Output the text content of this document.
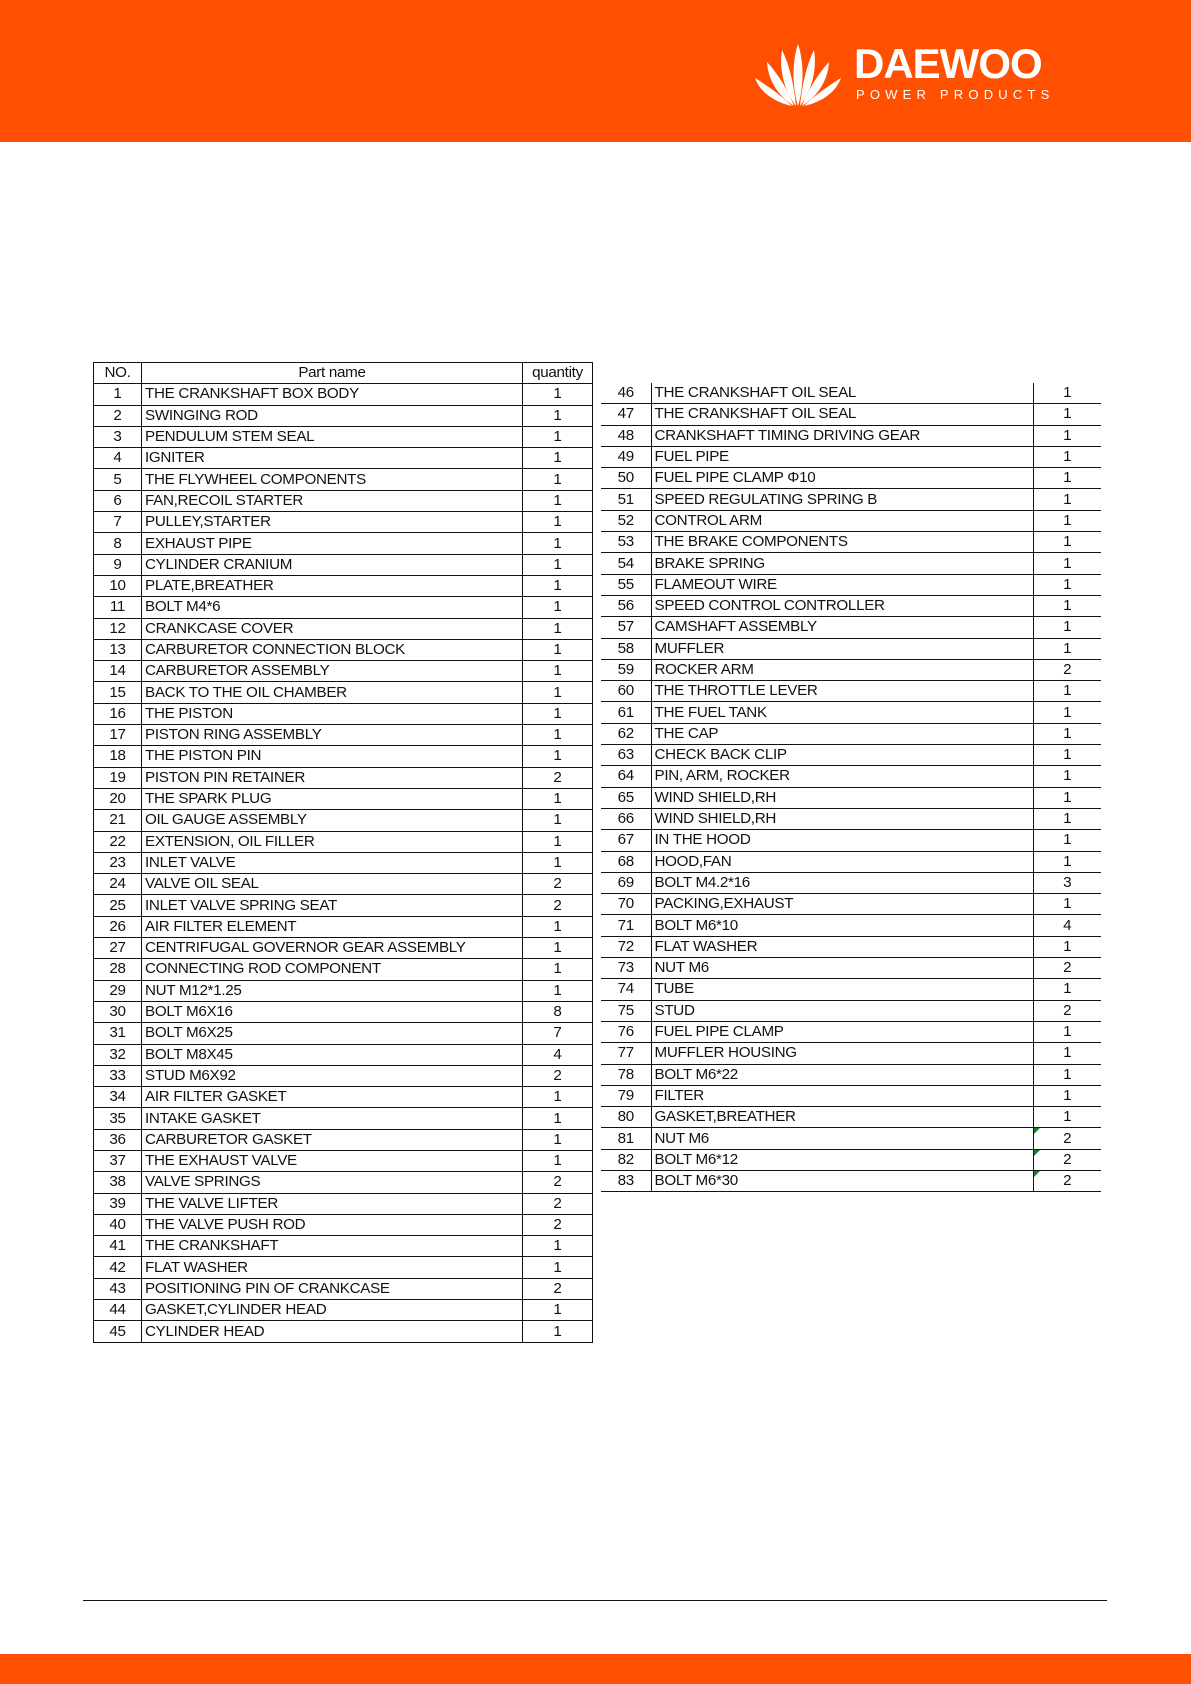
DAEWOO
POWER PRODUCTS
NO.	Part name	quantity
1	THE CRANKSHAFT BOX BODY	1
2	SWINGING ROD	1
3	PENDULUM STEM SEAL	1
4	IGNITER	1
5	THE FLYWHEEL COMPONENTS	1
6	FAN,RECOIL STARTER	1
7	PULLEY,STARTER	1
8	EXHAUST PIPE	1
9	CYLINDER CRANIUM	1
10	PLATE,BREATHER	1
11	BOLT M4*6	1
12	CRANKCASE COVER	1
13	CARBURETOR CONNECTION BLOCK	1
14	CARBURETOR ASSEMBLY	1
15	BACK TO THE OIL CHAMBER	1
16	THE PISTON	1
17	PISTON RING ASSEMBLY	1
18	THE PISTON PIN	1
19	PISTON PIN RETAINER	2
20	THE SPARK PLUG	1
21	OIL GAUGE ASSEMBLY	1
22	EXTENSION, OIL FILLER	1
23	INLET VALVE	1
24	VALVE OIL SEAL	2
25	INLET VALVE SPRING SEAT	2
26	AIR FILTER ELEMENT	1
27	CENTRIFUGAL GOVERNOR GEAR ASSEMBLY	1
28	CONNECTING ROD COMPONENT	1
29	NUT M12*1.25	1
30	BOLT M6X16	8
31	BOLT M6X25	7
32	BOLT M8X45	4
33	STUD M6X92	2
34	AIR FILTER GASKET	1
35	INTAKE GASKET	1
36	CARBURETOR GASKET	1
37	THE EXHAUST VALVE	1
38	VALVE SPRINGS	2
39	THE VALVE LIFTER	2
40	THE VALVE PUSH ROD	2
41	THE CRANKSHAFT	1
42	FLAT WASHER	1
43	POSITIONING PIN OF CRANKCASE	2
44	GASKET,CYLINDER HEAD	1
45	CYLINDER HEAD	1
46	THE CRANKSHAFT OIL SEAL	1
47	THE CRANKSHAFT OIL SEAL	1
48	CRANKSHAFT TIMING DRIVING GEAR	1
49	FUEL PIPE	1
50	FUEL PIPE CLAMP Φ10	1
51	SPEED REGULATING SPRING B	1
52	CONTROL ARM	1
53	THE BRAKE COMPONENTS	1
54	BRAKE SPRING	1
55	FLAMEOUT WIRE	1
56	SPEED CONTROL CONTROLLER	1
57	CAMSHAFT ASSEMBLY	1
58	MUFFLER	1
59	ROCKER ARM	2
60	THE THROTTLE LEVER	1
61	THE FUEL TANK	1
62	THE CAP	1
63	CHECK BACK CLIP	1
64	PIN, ARM, ROCKER	1
65	WIND SHIELD,RH	1
66	WIND SHIELD,RH	1
67	IN THE HOOD	1
68	HOOD,FAN	1
69	BOLT M4.2*16	3
70	PACKING,EXHAUST	1
71	BOLT M6*10	4
72	FLAT WASHER	1
73	NUT M6	2
74	TUBE	1
75	STUD	2
76	FUEL PIPE CLAMP	1
77	MUFFLER HOUSING	1
78	BOLT M6*22	1
79	FILTER	1
80	GASKET,BREATHER	1
81	NUT M6	2
82	BOLT M6*12	2
83	BOLT M6*30	2
